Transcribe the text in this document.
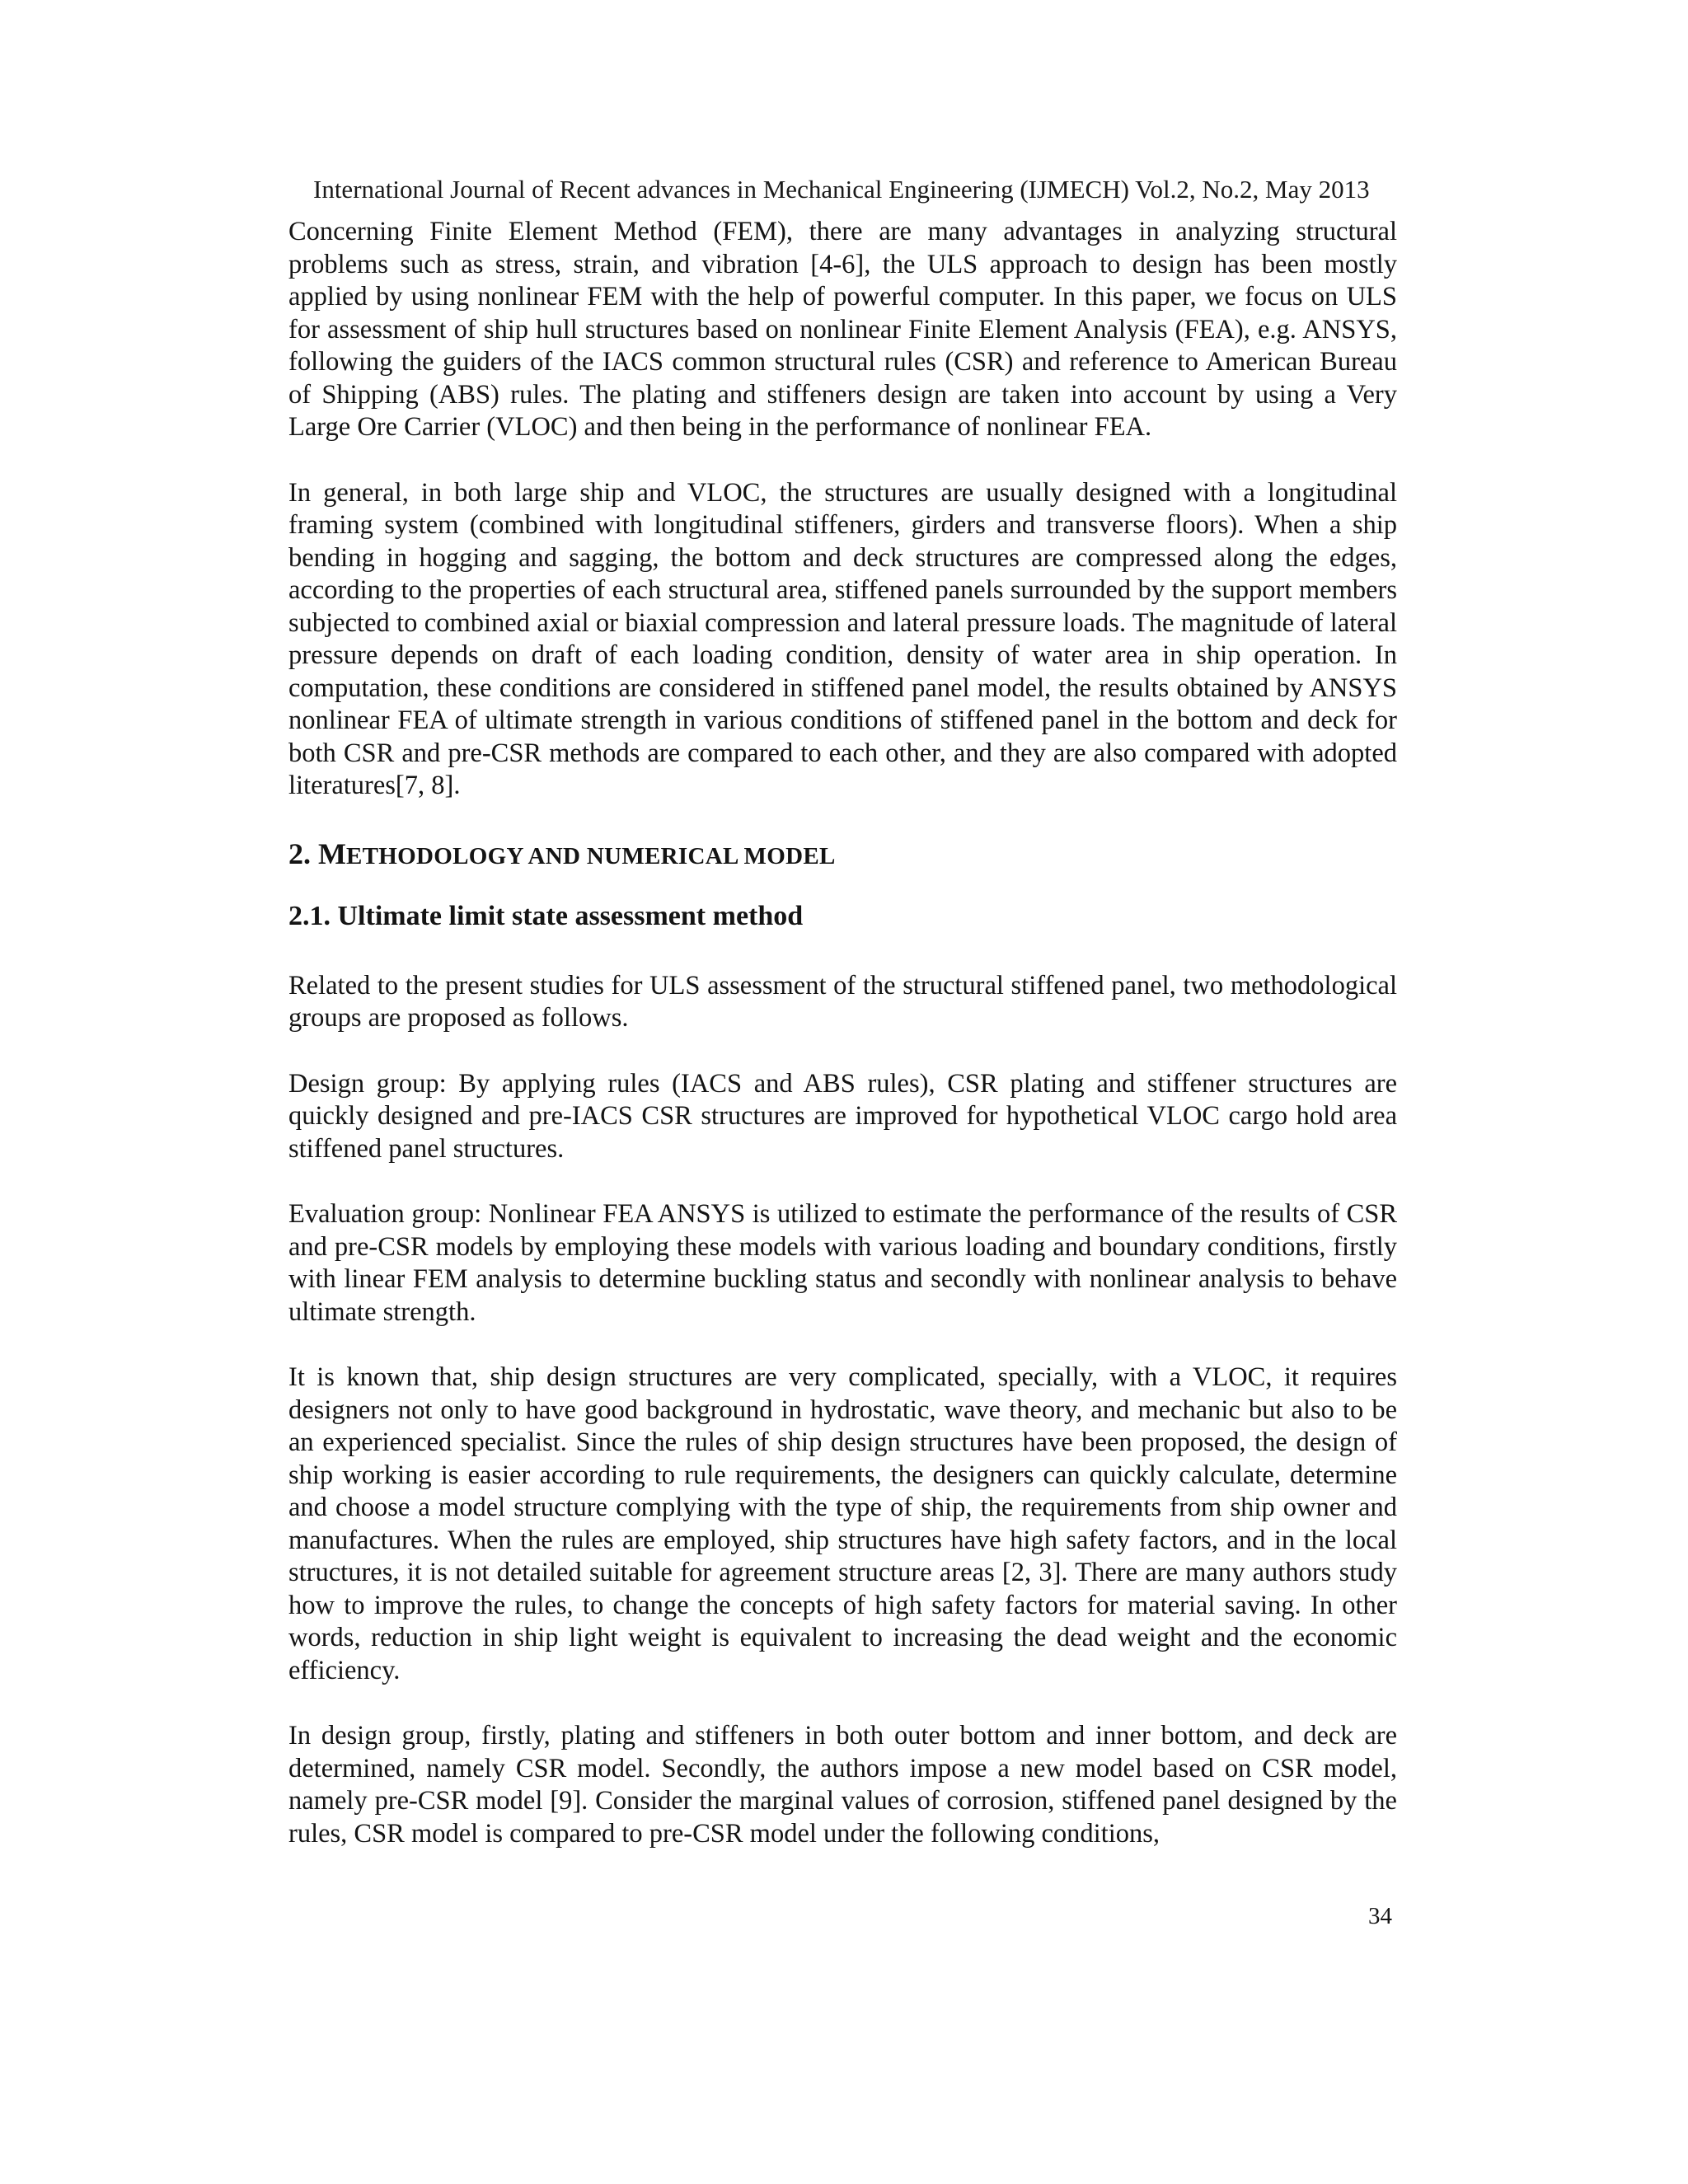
International Journal of Recent advances in Mechanical Engineering (IJMECH) Vol.2, No.2, May 2013

Concerning Finite Element Method (FEM), there are many advantages in analyzing structural problems such as stress, strain, and vibration [4-6], the ULS approach to design has been mostly applied by using nonlinear FEM with the help of powerful computer. In this paper, we focus on ULS for assessment of ship hull structures based on nonlinear Finite Element Analysis (FEA), e.g. ANSYS, following the guiders of the IACS common structural rules (CSR) and reference to American Bureau of Shipping (ABS) rules. The plating and stiffeners design are taken into account by using a Very Large Ore Carrier (VLOC) and then being in the performance of nonlinear FEA.

In general, in both large ship and VLOC, the structures are usually designed with a longitudinal framing system (combined with longitudinal stiffeners, girders and transverse floors). When a ship bending in hogging and sagging, the bottom and deck structures are compressed along the edges, according to the properties of each structural area, stiffened panels surrounded by the support members subjected to combined axial or biaxial compression and lateral pressure loads. The magnitude of lateral pressure depends on draft of each loading condition, density of water area in ship operation. In computation, these conditions are considered in stiffened panel model, the results obtained by ANSYS nonlinear FEA of ultimate strength in various conditions of stiffened panel in the bottom and deck for both CSR and pre-CSR methods are compared to each other, and they are also compared with adopted literatures[7, 8].

2. METHODOLOGY AND NUMERICAL MODEL
2.1. Ultimate limit state assessment method

Related to the present studies for ULS assessment of the structural stiffened panel, two methodological groups are proposed as follows.

Design group: By applying rules (IACS and ABS rules), CSR plating and stiffener structures are quickly designed and pre-IACS CSR structures are improved for hypothetical VLOC cargo hold area stiffened panel structures.

Evaluation group: Nonlinear FEA ANSYS is utilized to estimate the performance of the results of CSR and pre-CSR models by employing these models with various loading and boundary conditions, firstly with linear FEM analysis to determine buckling status and secondly with nonlinear analysis to behave ultimate strength.

It is known that, ship design structures are very complicated, specially, with a VLOC, it requires designers not only to have good background in hydrostatic, wave theory, and mechanic but also to be an experienced specialist. Since the rules of ship design structures have been proposed, the design of ship working is easier according to rule requirements, the designers can quickly calculate, determine and choose a model structure complying with the type of ship, the requirements from ship owner and manufactures. When the rules are employed, ship structures have high safety factors, and in the local structures, it is not detailed suitable for agreement structure areas [2, 3]. There are many authors study how to improve the rules, to change the concepts of high safety factors for material saving. In other words, reduction in ship light weight is equivalent to increasing the dead weight and the economic efficiency.

In design group, firstly, plating and stiffeners in both outer bottom and inner bottom, and deck are determined, namely CSR model. Secondly, the authors impose a new model based on CSR model, namely pre-CSR model [9]. Consider the marginal values of corrosion, stiffened panel designed by the rules, CSR model is compared to pre-CSR model under the following conditions,

34
